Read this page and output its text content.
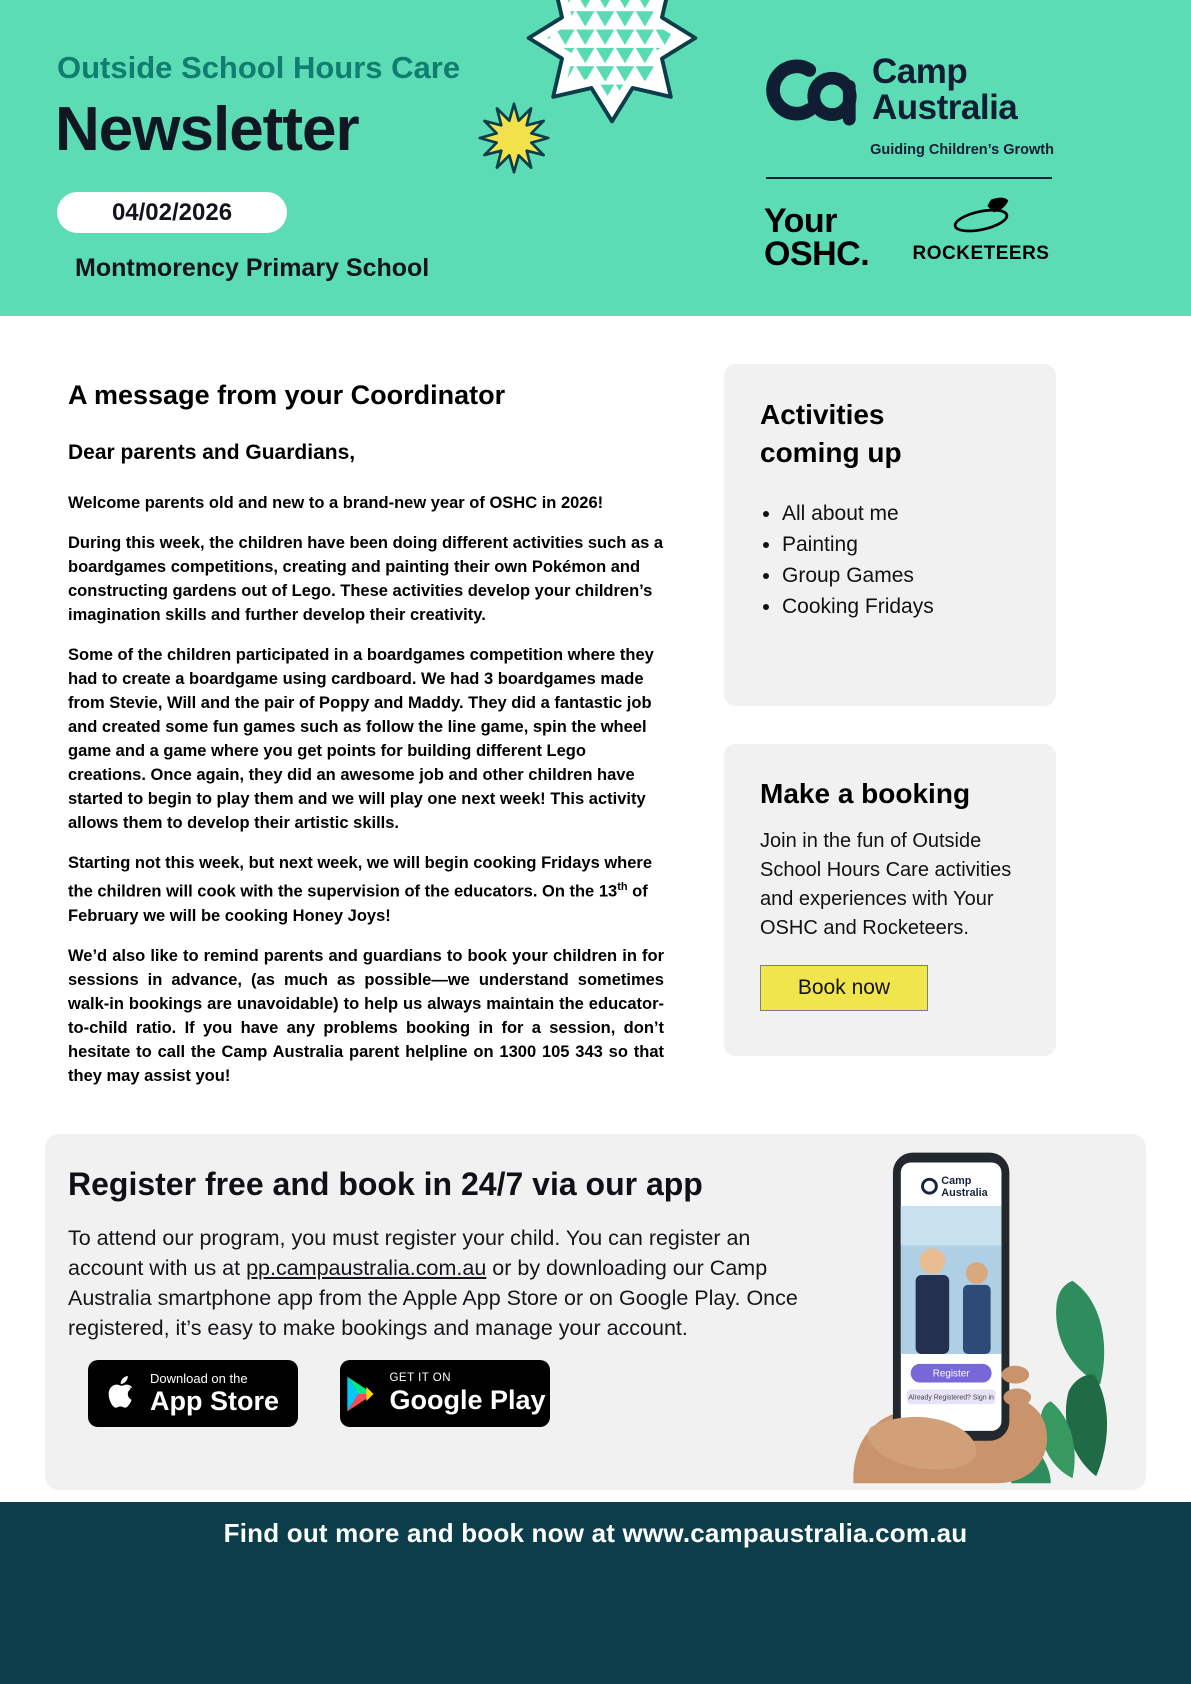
Outside School Hours Care
Newsletter
04/02/2026
Montmorency Primary School
Camp
Australia
Guiding Children’s Growth
Your
OSHC.	ROCKETEERS
A message from your Coordinator

Dear parents and Guardians,

Welcome parents old and new to a brand-new year of OSHC in 2026!

During this week, the children have been doing different activities such as a boardgames competitions, creating and painting their own Pokémon and constructing gardens out of Lego. These activities develop your children’s imagination skills and further develop their creativity.

Some of the children participated in a boardgames competition where they had to create a boardgame using cardboard. We had 3 boardgames made from Stevie, Will and the pair of Poppy and Maddy. They did a fantastic job and created some fun games such as follow the line game, spin the wheel game and a game where you get points for building different Lego creations. Once again, they did an awesome job and other children have started to begin to play them and we will play one next week! This activity allows them to develop their artistic skills.

Starting not this week, but next week, we will begin cooking Fridays where the children will cook with the supervision of the educators. On the 13th of February we will be cooking Honey Joys!

We’d also like to remind parents and guardians to book your children in for sessions in advance, (as much as possible—we understand sometimes walk-in bookings are unavoidable) to help us always maintain the educator-to-child ratio. If you have any problems booking in for a session, don’t hesitate to call the Camp Australia parent helpline on 1300 105 343 so that they may assist you!

Activities coming up
• All about me
• Painting
• Group Games
• Cooking Fridays
Make a booking

Join in the fun of Outside School Hours Care activities and experiences with Your OSHC and Rocketeers.

Book now
Register free and book in 24/7 via our app

To attend our program, you must register your child. You can register an account with us at pp.campaustralia.com.au or by downloading our Camp Australia smartphone app from the Apple App Store or on Google Play. Once registered, it’s easy to make bookings and manage your account.

Download on the
App Store
GET IT ON
Google Play
Camp
Australia
Register
Already Registered? Sign in
Find out more and book now at www.campaustralia.com.au
